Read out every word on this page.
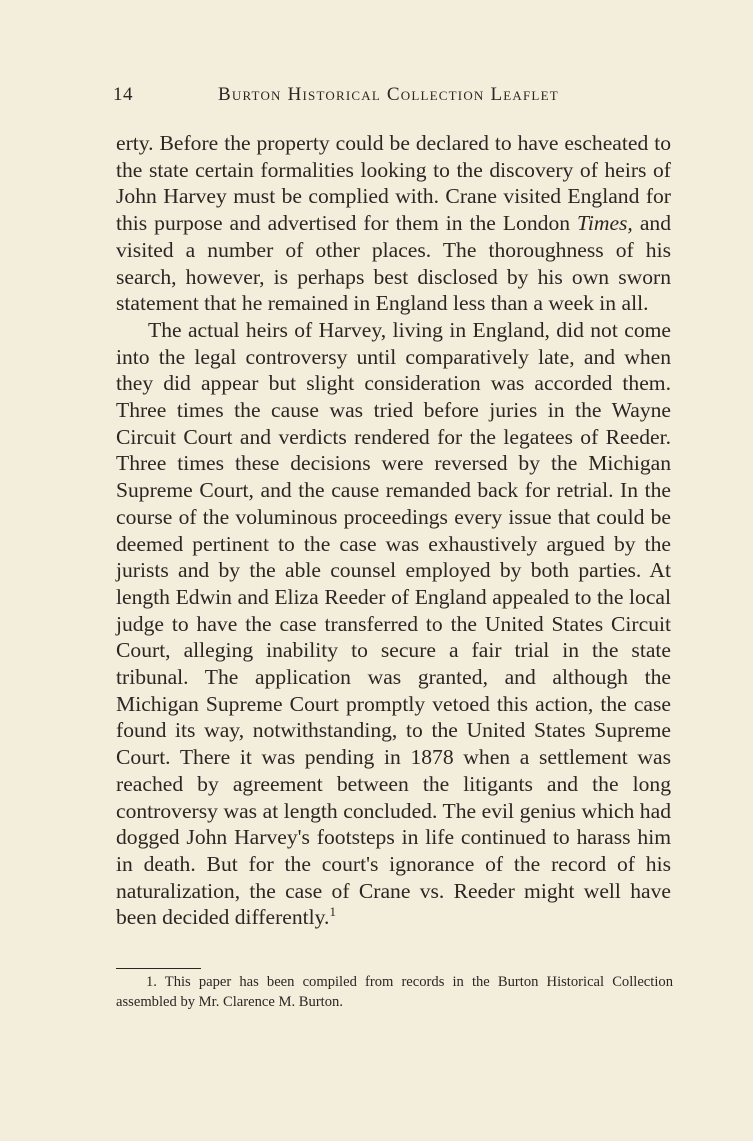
14	Burton Historical Collection Leaflet

erty. Before the property could be declared to have escheated to the state certain formalities looking to the discovery of heirs of John Harvey must be complied with. Crane visited England for this purpose and advertised for them in the London Times, and visited a number of other places. The thoroughness of his search, however, is perhaps best disclosed by his own sworn statement that he remained in England less than a week in all.

The actual heirs of Harvey, living in England, did not come into the legal controversy until comparatively late, and when they did appear but slight consideration was accorded them. Three times the cause was tried before juries in the Wayne Circuit Court and verdicts rendered for the legatees of Reeder. Three times these decisions were reversed by the Michigan Supreme Court, and the cause remanded back for retrial. In the course of the voluminous proceedings every issue that could be deemed pertinent to the case was exhaustively argued by the jurists and by the able counsel employed by both parties. At length Edwin and Eliza Reeder of England appealed to the local judge to have the case transferred to the United States Circuit Court, alleging inability to secure a fair trial in the state tribunal. The application was granted, and although the Michigan Supreme Court promptly vetoed this action, the case found its way, notwithstanding, to the United States Supreme Court. There it was pending in 1878 when a settlement was reached by agreement between the litigants and the long controversy was at length concluded. The evil genius which had dogged John Harvey's footsteps in life continued to harass him in death. But for the court's ignorance of the record of his naturalization, the case of Crane vs. Reeder might well have been decided differently.$^1$

1. This paper has been compiled from records in the Burton Historical Collection assembled by Mr. Clarence M. Burton.
